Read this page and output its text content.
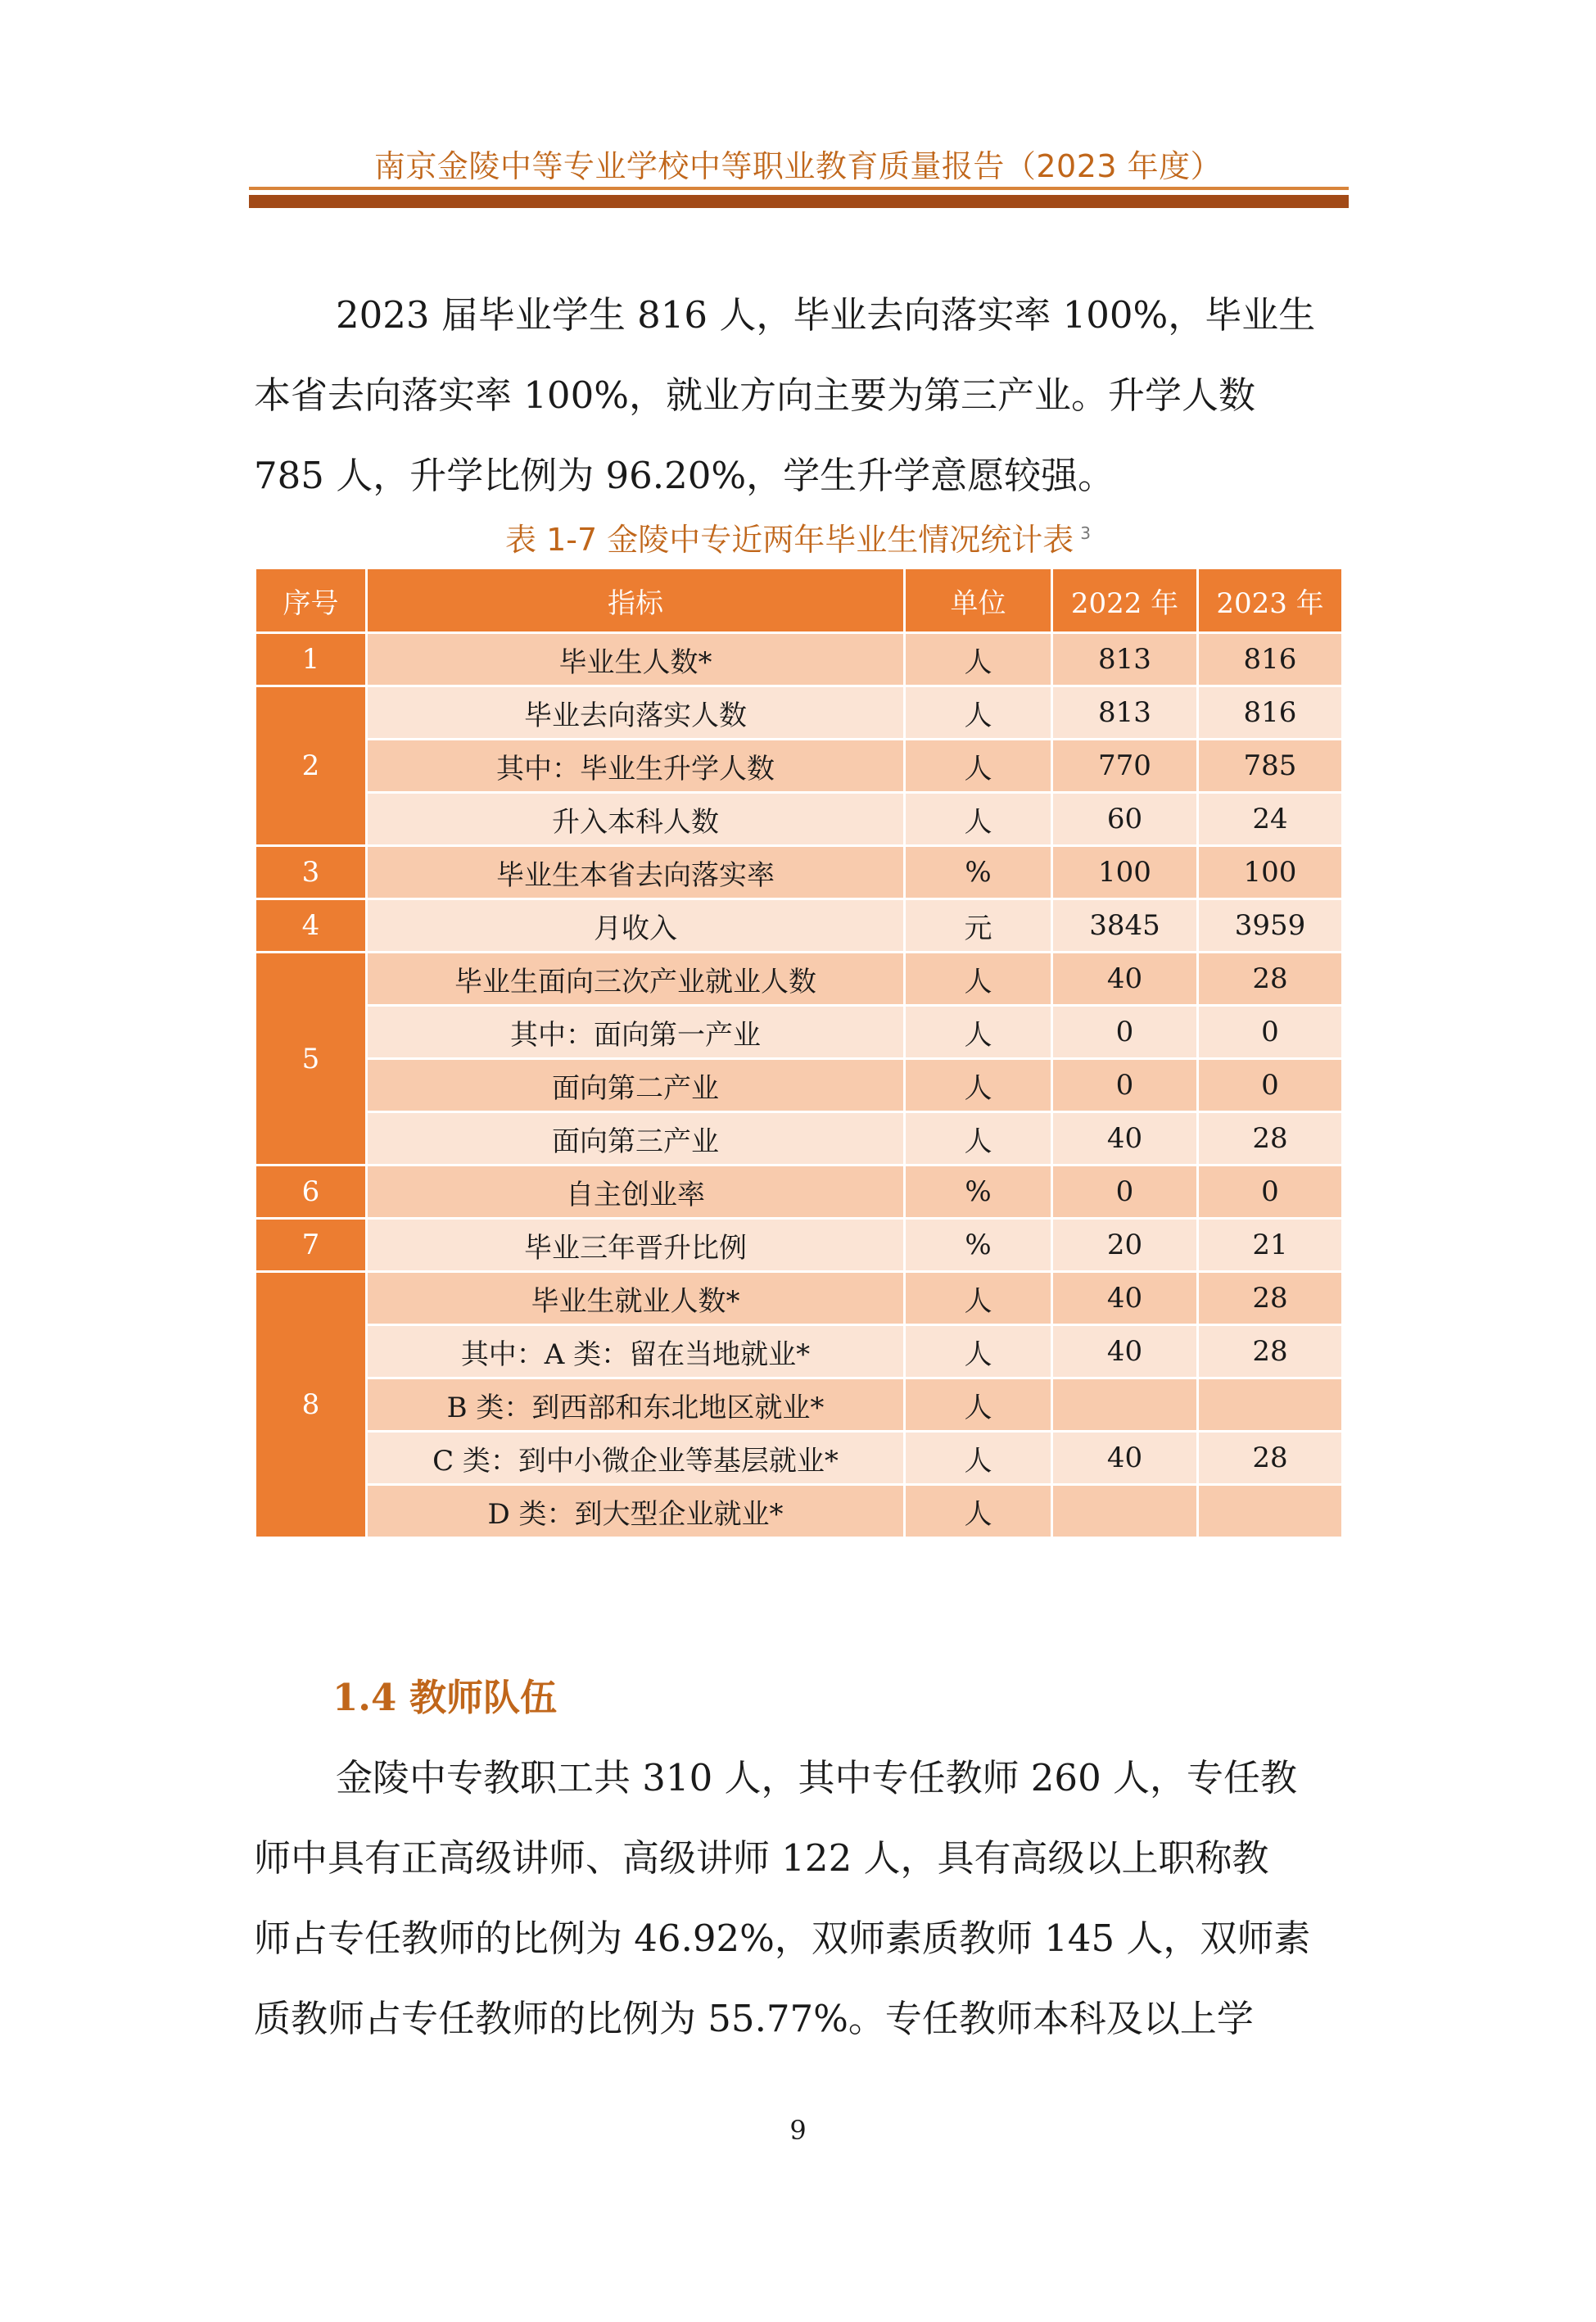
南京金陵中等专业学校中等职业教育质量报告（2023 年度）

2023 届毕业学生 816 人，毕业去向落实率 100%，毕业生
本省去向落实率 100%，就业方向主要为第三产业。升学人数
785 人，升学比例为 96.20%，学生升学意愿较强。

表 1-7 金陵中专近两年毕业生情况统计表 $^3$
序号	指标	单位	2022 年	2023 年
1	毕业生人数*	人	813	816
2	毕业去向落实人数	人	813	816
	其中：毕业生升学人数	人	770	785
	升入本科人数	人	60	24
3	毕业生本省去向落实率	%	100	100
4	月收入	元	3845	3959
5	毕业生面向三次产业就业人数	人	40	28
	其中：面向第一产业	人	0	0
	面向第二产业	人	0	0
	面向第三产业	人	40	28
6	自主创业率	%	0	0
7	毕业三年晋升比例	%	20	21
8	毕业生就业人数*	人	40	28
	其中：A 类：留在当地就业*	人	40	28
	B 类：到西部和东北地区就业*	人		
	C 类：到中小微企业等基层就业*	人	40	28
	D 类：到大型企业就业*	人		
1.4 教师队伍

金陵中专教职工共 310 人，其中专任教师 260 人，专任教
师中具有正高级讲师、高级讲师 122 人，具有高级以上职称教
师占专任教师的比例为 46.92%，双师素质教师 145 人，双师素
质教师占专任教师的比例为 55.77%。专任教师本科及以上学

9
